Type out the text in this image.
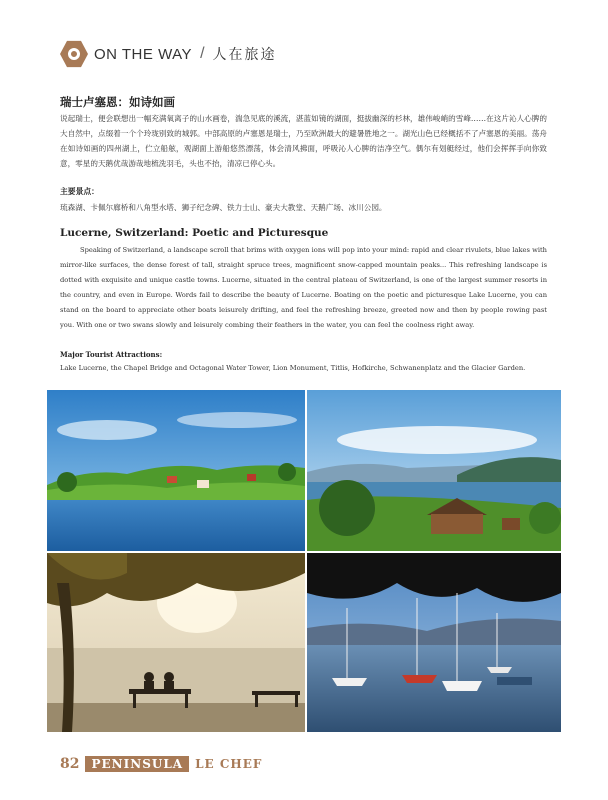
ON THE WAY / 人在旅途
瑞士卢塞恩：如诗如画

说起瑞士，便会联想出一幅充满氧离子的山水画卷，湍急见底的溪流，湛蓝如镜的湖面，挺拔幽深的杉林，雄伟峻峭的雪峰……在这片沁人心脾的大自然中，点缀着一个个玲珑别致的城郭。中部高原的卢塞恩是瑞士，乃至欧洲最大的避暑胜地之一。湖光山色已经概括不了卢塞恩的美丽。荡舟在如诗如画的四州湖上，伫立船舷，观湖面上游船悠然漂荡，体会清风拂面，呼吸沁人心脾的洁净空气。偶尔有划艇经过，他们会挥挥手向你致意，零星的天鹅优哉游哉地梳洗羽毛，头也不抬，清凉已停心头。

主要景点：
琉森湖、卡佩尔廊桥和八角型水塔、狮子纪念碑、铁力士山、豪夫大教堂、天鹅广场、冰川公园。
Lucerne, Switzerland: Poetic and Picturesque

Speaking of Switzerland, a landscape scroll that brims with oxygen ions will pop into your mind: rapid and clear rivulets, blue lakes with mirror-like surfaces, the dense forest of tall, straight spruce trees, magnificent snow-capped mountain peaks... This refreshing landscape is dotted with exquisite and unique castle towns. Lucerne, situated in the central plateau of Switzerland, is one of the largest summer resorts in the country, and even in Europe. Words fail to describe the beauty of Lucerne. Boating on the poetic and picturesque Lake Lucerne, you can stand on the board to appreciate other boats leisurely drifting, and feel the refreshing breeze, greeted now and then by people rowing past you. With one or two swans slowly and leisurely combing their feathers in the water, you can feel the coolness right away.

Major Tourist Attractions:
Lake Lucerne, the Chapel Bridge and Octagonal Water Tower, Lion Monument, Titlis, Hofkirche, Schwanenplatz and the Glacier Garden.
82	PENINSULA	LE CHEF
